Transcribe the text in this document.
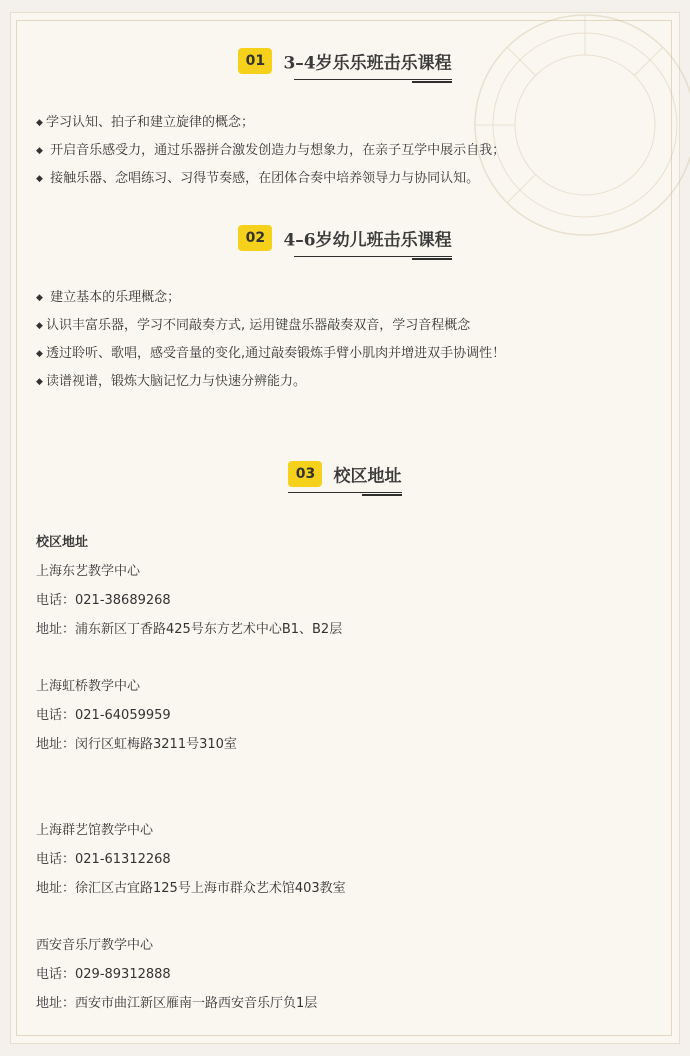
01 3–4岁乐乐班击乐课程
◆ 学习认知、拍子和建立旋律的概念；
◆ 开启音乐感受力，通过乐器拼合激发创造力与想象力，在亲子互学中展示自我；
◆ 接触乐器、念唱练习、习得节奏感，在团体合奏中培养领导力与协同认知。
02 4–6岁幼儿班击乐课程
◆ 建立基本的乐理概念；
◆ 认识丰富乐器，学习不同敲奏方式, 运用键盘乐器敲奏双音，学习音程概念
◆ 透过聆听、歌唱，感受音量的变化,通过敲奏锻炼手臂小肌肉并增进双手协调性！
◆ 读谱视谱，锻炼大脑记忆力与快速分辨能力。
03 校区地址
校区地址
上海东艺教学中心
电话：021-38689268
地址：浦东新区丁香路425号东方艺术中心B1、B2层
上海虹桥教学中心
电话：021-64059959
地址：闵行区虹梅路3211号310室
上海群艺馆教学中心
电话：021-61312268
地址：徐汇区古宜路125号上海市群众艺术馆403教室
西安音乐厅教学中心
电话：029-89312888
地址：西安市曲江新区雁南一路西安音乐厅负1层
